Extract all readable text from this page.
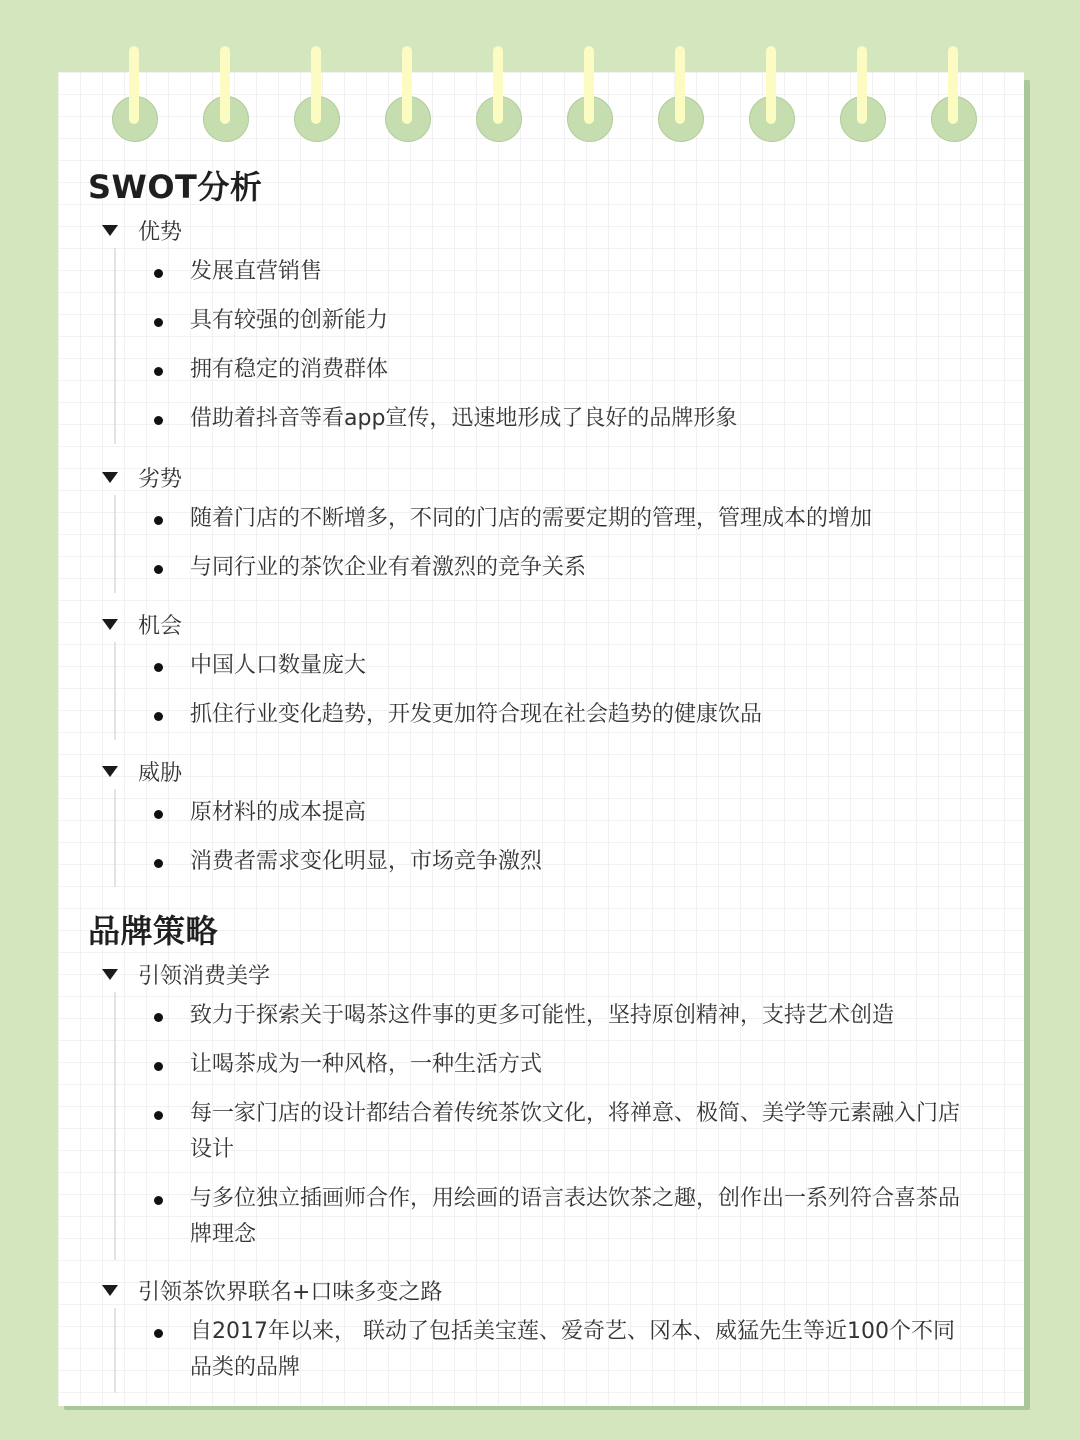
SWOT分析
优势
发展直营销售
具有较强的创新能力
拥有稳定的消费群体
借助着抖音等看app宣传，迅速地形成了良好的品牌形象
劣势
随着门店的不断增多，不同的门店的需要定期的管理，管理成本的增加
与同行业的茶饮企业有着激烈的竞争关系
机会
中国人口数量庞大
抓住行业变化趋势，开发更加符合现在社会趋势的健康饮品
威胁
原材料的成本提高
消费者需求变化明显，市场竞争激烈
品牌策略
引领消费美学
致力于探索关于喝茶这件事的更多可能性，坚持原创精神，支持艺术创造
让喝茶成为一种风格，一种生活方式
每一家门店的设计都结合着传统茶饮文化，将禅意、极简、美学等元素融入门店设计
与多位独立插画师合作，用绘画的语言表达饮茶之趣，创作出一系列符合喜茶品牌理念
引领茶饮界联名+口味多变之路
自2017年以来， 联动了包括美宝莲、爱奇艺、冈本、威猛先生等近100个不同品类的品牌
